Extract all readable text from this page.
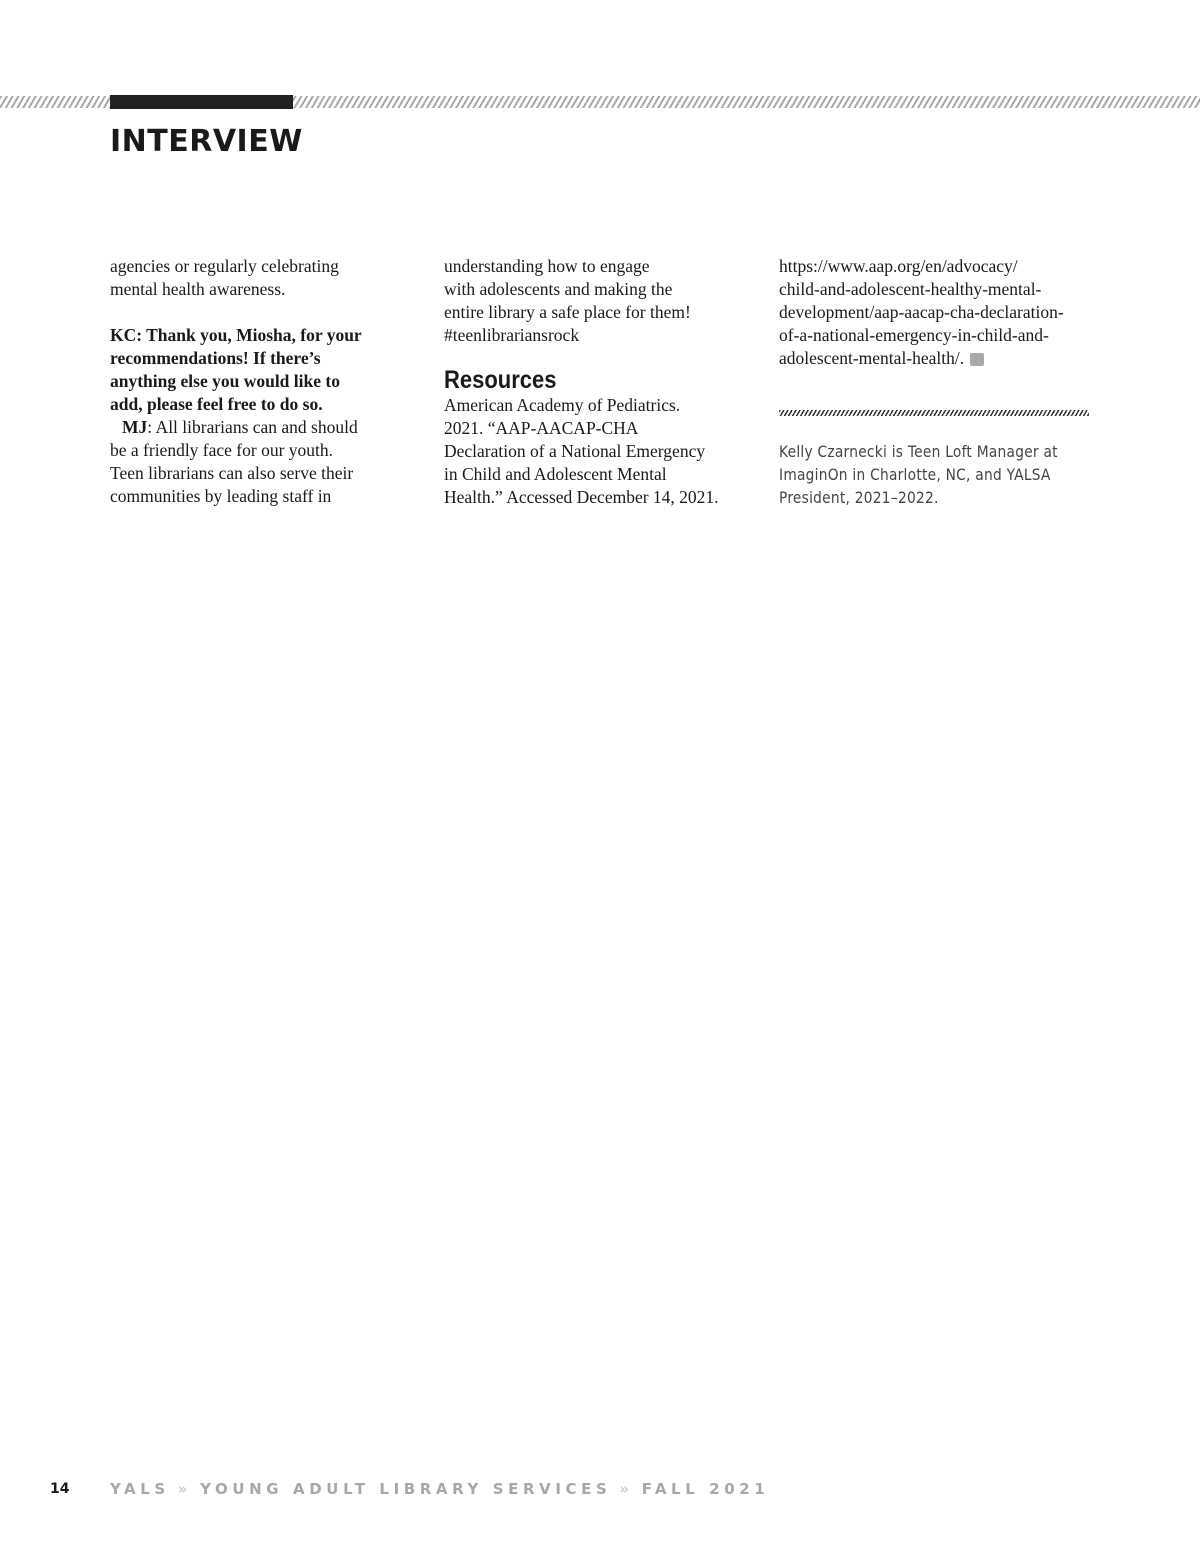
INTERVIEW

agencies or regularly celebrating
mental health awareness.

KC: Thank you, Miosha, for your
recommendations! If there’s
anything else you would like to
add, please feel free to do so.

MJ: All librarians can and should
be a friendly face for our youth.
Teen librarians can also serve their
communities by leading staff in

understanding how to engage
with adolescents and making the
entire library a safe place for them!
#teenlibrariansrock

Resources

American Academy of Pediatrics.
2021. “AAP-AACAP-CHA
Declaration of a National Emergency
in Child and Adolescent Mental
Health.” Accessed December 14, 2021.

https://www.aap.org/en/advocacy/
child-and-adolescent-healthy-mental-
development/aap-aacap-cha-declaration-
of-a-national-emergency-in-child-and-
adolescent-mental-health/.

Kelly Czarnecki is Teen Loft Manager at
ImaginOn in Charlotte, NC, and YALSA
President, 2021–2022.
14	YALS » YOUNG ADULT LIBRARY SERVICES » FALL 2021
